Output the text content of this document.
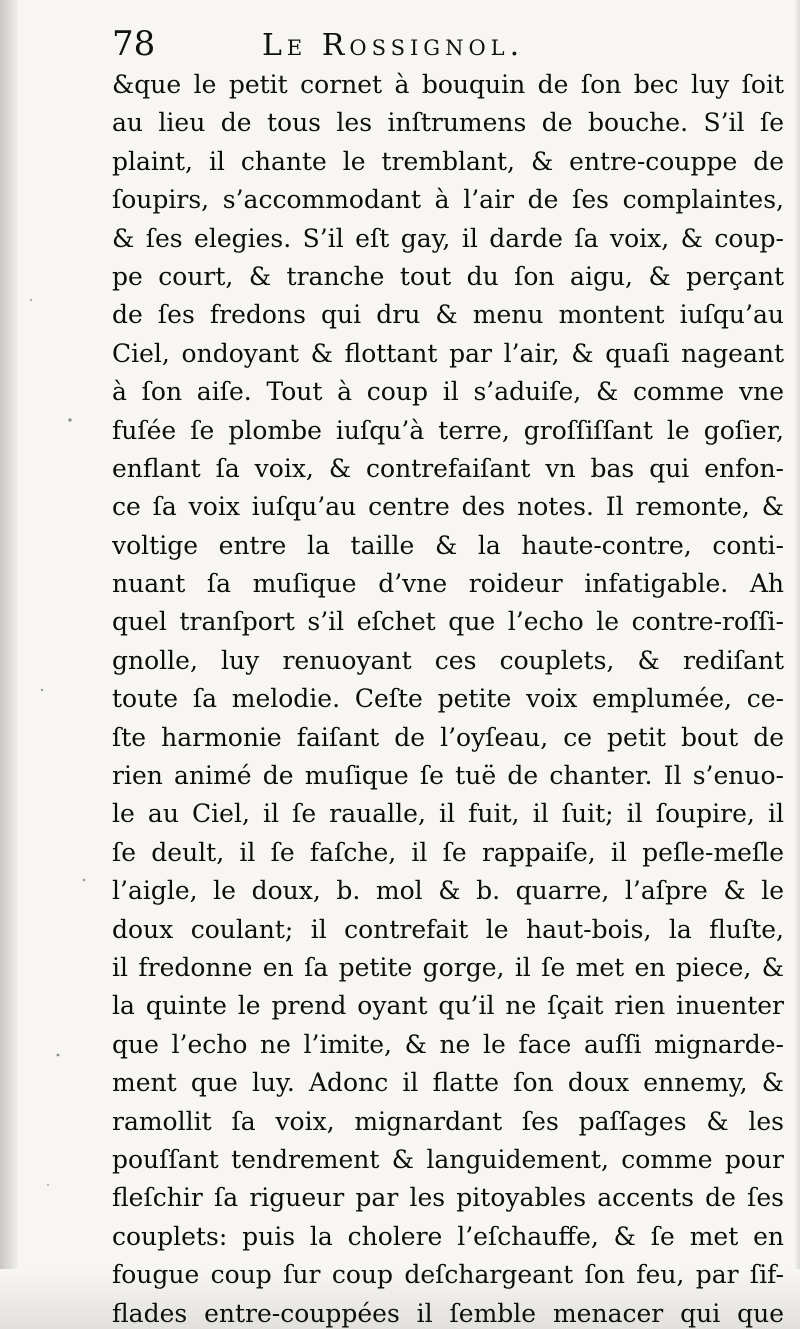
78	Le Rossignol.
&que le petit cornet à bouquin de ſon bec luy ſoit
au lieu de tous les inſtrumens de bouche. S’il ſe
plaint, il chante le tremblant, & entre-couppe de
ſoupirs, s’accommodant à l’air de ſes complaintes,
& ſes elegies. S’il eſt gay, il darde ſa voix, & coup-
pe court, & tranche tout du ſon aigu, & perçant
de ſes fredons qui dru & menu montent iuſqu’au
Ciel, ondoyant & flottant par l’air, & quaſi nageant
à ſon aiſe. Tout à coup il s’aduiſe, & comme vne
fuſée ſe plombe iuſqu’à terre, groſſiſſant le goſier,
enflant ſa voix, & contrefaiſant vn bas qui enfon-
ce ſa voix iuſqu’au centre des notes. Il remonte, &
voltige entre la taille & la haute-contre, conti-
nuant ſa muſique d’vne roideur infatigable. Ah
quel tranſport s’il eſchet que l’echo le contre-roſſi-
gnolle, luy renuoyant ces couplets, & rediſant
toute ſa melodie. Ceſte petite voix emplumée, ce-
ſte harmonie faiſant de l’oyſeau, ce petit bout de
rien animé de muſique ſe tuë de chanter. Il s’enuo-
le au Ciel, il ſe raualle, il fuit, il ſuit; il ſoupire, il
ſe deult, il ſe faſche, il ſe rappaiſe, il peſle-meſle
l’aigle, le doux, b. mol & b. quarre, l’aſpre & le
doux coulant; il contrefait le haut-bois, la fluſte,
il fredonne en ſa petite gorge, il ſe met en piece, &
la quinte le prend oyant qu’il ne ſçait rien inuenter
que l’echo ne l’imite, & ne le face auſſi mignarde-
ment que luy. Adonc il flatte ſon doux ennemy, &
ramollit ſa voix, mignardant ſes paſſages & les
pouſſant tendrement & languidement, comme pour
fleſchir ſa rigueur par les pitoyables accents de ſes
couplets: puis la cholere l’eſchauffe, & ſe met en
fougue coup ſur coup deſchargeant ſon feu, par ſif-
flades entre-couppées il ſemble menacer qui que
